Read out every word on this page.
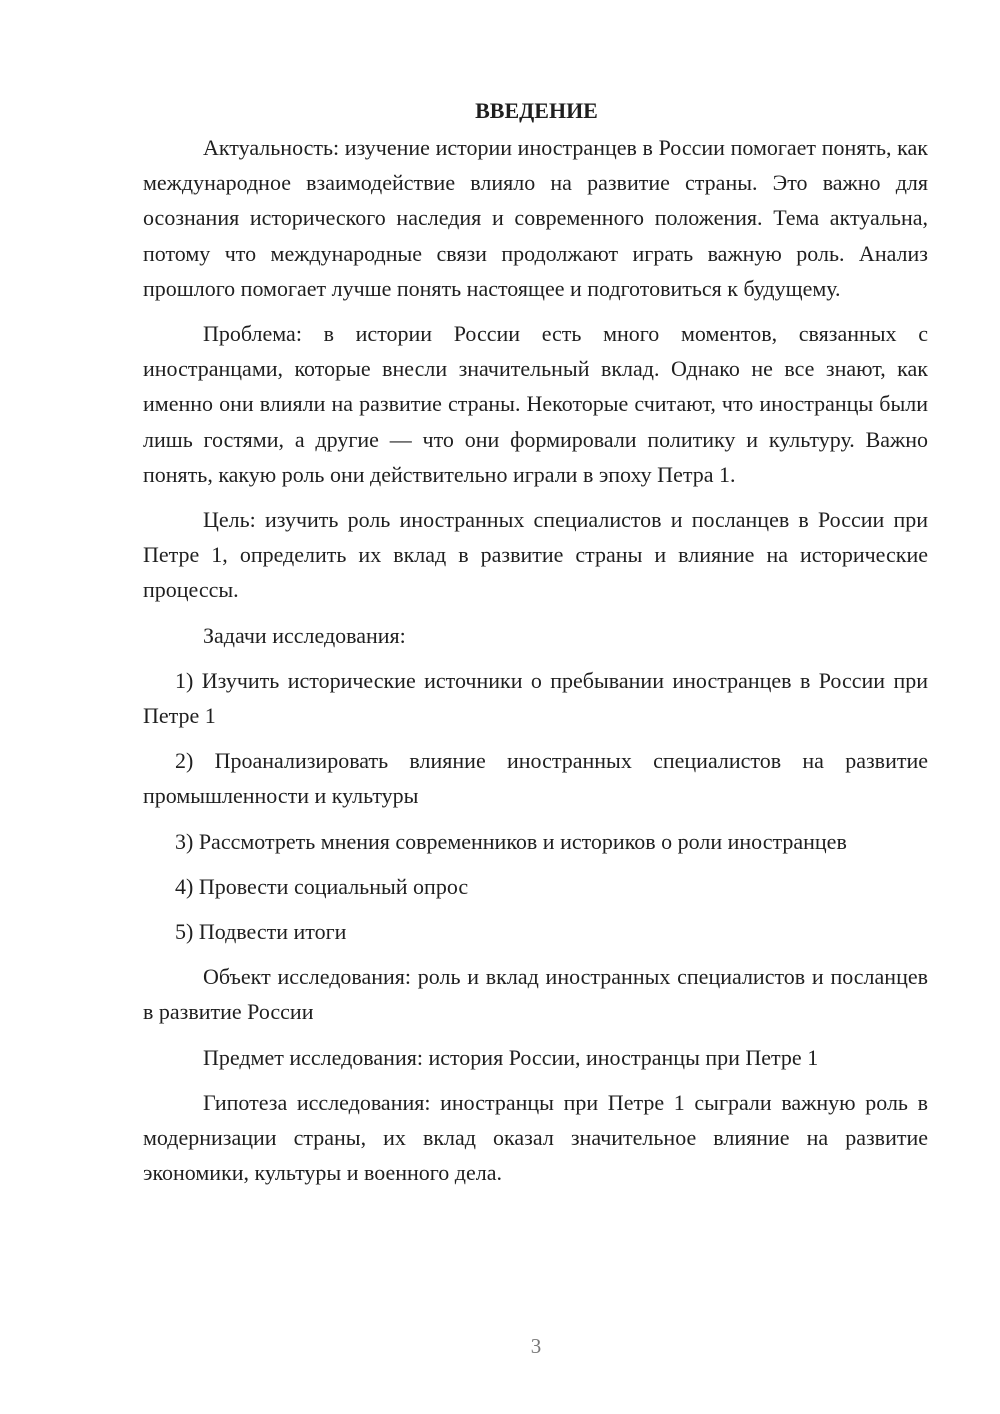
ВВЕДЕНИЕ

Актуальность: изучение истории иностранцев в России помогает понять, как международное взаимодействие влияло на развитие страны. Это важно для осознания исторического наследия и современного положения. Тема актуальна, потому что международные связи продолжают играть важную роль. Анализ прошлого помогает лучше понять настоящее и подготовиться к будущему.

Проблема: в истории России есть много моментов, связанных с иностранцами, которые внесли значительный вклад. Однако не все знают, как именно они влияли на развитие страны. Некоторые считают, что иностранцы были лишь гостями, а другие — что они формировали политику и культуру. Важно понять, какую роль они действительно играли в эпоху Петра 1.

Цель: изучить роль иностранных специалистов и посланцев в России при Петре 1, определить их вклад в развитие страны и влияние на исторические процессы.

Задачи исследования:

1) Изучить исторические источники о пребывании иностранцев в России при Петре 1

2) Проанализировать влияние иностранных специалистов на развитие промышленности и культуры

3) Рассмотреть мнения современников и историков о роли иностранцев

4) Провести социальный опрос

5) Подвести итоги

Объект исследования: роль и вклад иностранных специалистов и посланцев в развитие России

Предмет исследования: история России, иностранцы при Петре 1

Гипотеза исследования: иностранцы при Петре 1 сыграли важную роль в модернизации страны, их вклад оказал значительное влияние на развитие экономики, культуры и военного дела.

3
